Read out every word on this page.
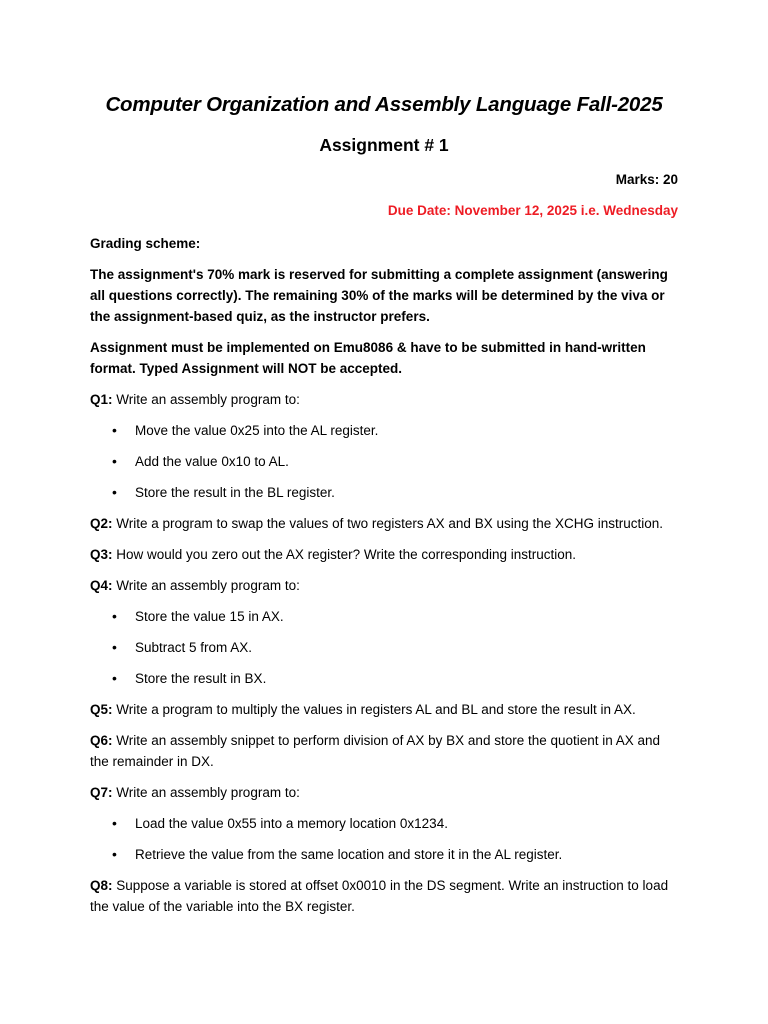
Computer Organization and Assembly Language Fall-2025
Assignment # 1
Marks: 20
Due Date: November 12, 2025 i.e. Wednesday

Grading scheme:

The assignment's 70% mark is reserved for submitting a complete assignment (answering all questions correctly). The remaining 30% of the marks will be determined by the viva or the assignment-based quiz, as the instructor prefers.

Assignment must be implemented on Emu8086 & have to be submitted in hand-written format. Typed Assignment will NOT be accepted.

Q1: Write an assembly program to:

• Move the value 0x25 into the AL register.
• Add the value 0x10 to AL.
• Store the result in the BL register.

Q2: Write a program to swap the values of two registers AX and BX using the XCHG instruction.

Q3: How would you zero out the AX register? Write the corresponding instruction.

Q4: Write an assembly program to:

• Store the value 15 in AX.
• Subtract 5 from AX.
• Store the result in BX.

Q5: Write a program to multiply the values in registers AL and BL and store the result in AX.

Q6: Write an assembly snippet to perform division of AX by BX and store the quotient in AX and the remainder in DX.

Q7: Write an assembly program to:

• Load the value 0x55 into a memory location 0x1234.
• Retrieve the value from the same location and store it in the AL register.

Q8: Suppose a variable is stored at offset 0x0010 in the DS segment. Write an instruction to load the value of the variable into the BX register.
